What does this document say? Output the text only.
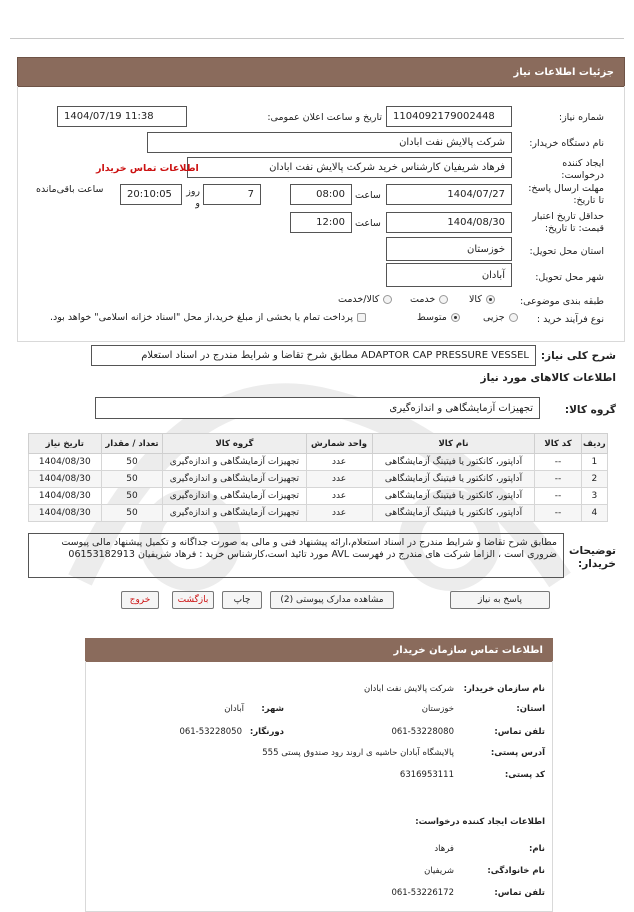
جزئیات اطلاعات نیاز
شماره نیاز:
1104092179002448
تاریخ و ساعت اعلان عمومی:
1404/07/19 11:38
نام دستگاه خریدار:
شرکت پالایش نفت ابادان
ایجاد کننده درخواست:
فرهاد شریفیان کارشناس خرید شرکت پالایش نفت ابادان
اطلاعات تماس خریدار
مهلت ارسال پاسخ: تا تاریخ:
1404/07/27
ساعت
08:00
7
روز و
20:10:05
ساعت باقی‌مانده
حداقل تاریخ اعتبار قیمت: تا تاریخ:
1404/08/30
ساعت
12:00
استان محل تحویل:
خوزستان
شهر محل تحویل:
آبادان
طبقه بندی موضوعی:
کالا
خدمت
کالا/خدمت
نوع فرآیند خرید :
جزیی
متوسط
پرداخت تمام یا بخشی از مبلغ خرید،از محل "اسناد خزانه اسلامی" خواهد بود.
شرح کلی نیاز:
ADAPTOR CAP PRESSURE VESSEL مطابق شرح تقاضا و شرایط مندرج در اسناد استعلام
اطلاعات کالاهای مورد نیاز
گروه کالا:
تجهیزات آزمایشگاهی و اندازه‌گیری
ردیف	کد کالا	نام کالا	واحد شمارش	گروه کالا	تعداد / مقدار	تاریخ نیاز
1	--	آداپتور، کانکتور یا فیتینگ آزمایشگاهی	عدد	تجهیزات آزمایشگاهی و اندازه‌گیری	50	1404/08/30
2	--	آداپتور، کانکتور یا فیتینگ آزمایشگاهی	عدد	تجهیزات آزمایشگاهی و اندازه‌گیری	50	1404/08/30
3	--	آداپتور، کانکتور یا فیتینگ آزمایشگاهی	عدد	تجهیزات آزمایشگاهی و اندازه‌گیری	50	1404/08/30
4	--	آداپتور، کانکتور یا فیتینگ آزمایشگاهی	عدد	تجهیزات آزمایشگاهی و اندازه‌گیری	50	1404/08/30
توضیحات خریدار:
مطابق شرح تقاضا و شرایط مندرج در اسناد استعلام،ارائه پیشنهاد فنی و مالی به صورت جداگانه و تکمیل پیشنهاد مالی پیوست ضروری است ، الزاما شرکت های مندرج در فهرست AVL مورد تائید است،کارشناس خرید : فرهاد شریفیان 06153182913
پاسخ به نیاز
مشاهده مدارک پیوستی (2)
چاپ
بازگشت
خروج
اطلاعات تماس سازمان خریدار
نام سازمان خریدار:
شرکت پالایش نفت ابادان
استان:
خوزستان
شهر:
آبادان
تلفن تماس:
061-53228080
دورنگار:
061-53228050
آدرس پستی:
پالایشگاه آبادان حاشیه ی اروند رود صندوق پستی 555
کد پستی:
6316953111
اطلاعات ایجاد کننده درخواست:
نام:
فرهاد
نام خانوادگی:
شریفیان
تلفن تماس:
061-53226172
